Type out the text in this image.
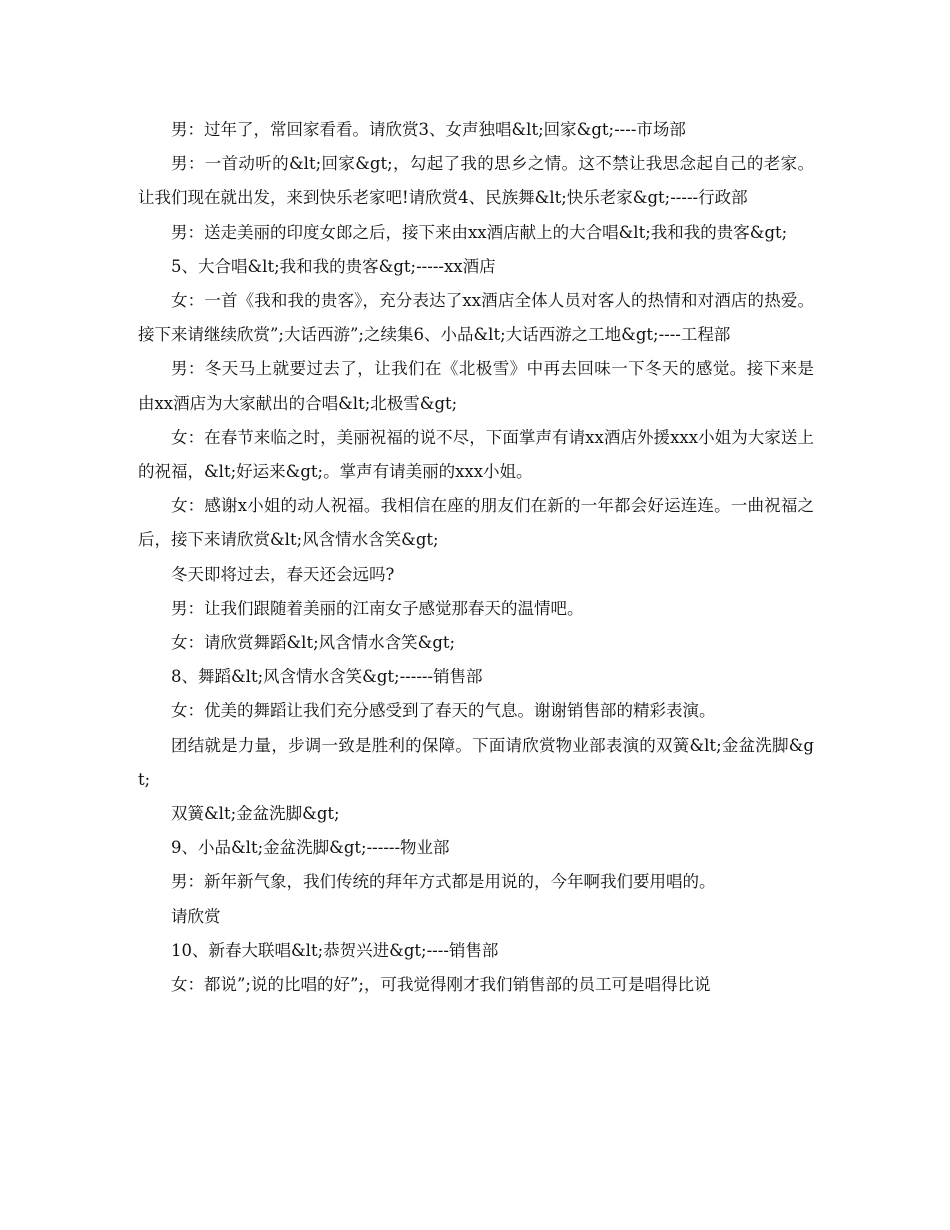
男：过年了，常回家看看。请欣赏3、女声独唱&lt;回家&gt;----市场部

男：一首动听的&lt;回家&gt;，勾起了我的思乡之情。这不禁让我思念起自己的老家。让我们现在就出发，来到快乐老家吧!请欣赏4、民族舞&lt;快乐老家&gt;-----行政部

男：送走美丽的印度女郎之后，接下来由xx酒店献上的大合唱&lt;我和我的贵客&gt;

5、大合唱&lt;我和我的贵客&gt;-----xx酒店

女：一首《我和我的贵客》，充分表达了xx酒店全体人员对客人的热情和对酒店的热爱。接下来请继续欣赏”;大话西游”;之续集6、小品&lt;大话西游之工地&gt;----工程部

男：冬天马上就要过去了，让我们在《北极雪》中再去回味一下冬天的感觉。接下来是由xx酒店为大家献出的合唱&lt;北极雪&gt;

女：在春节来临之时，美丽祝福的说不尽，下面掌声有请xx酒店外援xxx小姐为大家送上的祝福，&lt;好运来&gt;。掌声有请美丽的xxx小姐。

女：感谢x小姐的动人祝福。我相信在座的朋友们在新的一年都会好运连连。一曲祝福之后，接下来请欣赏&lt;风含情水含笑&gt;

冬天即将过去，春天还会远吗?

男：让我们跟随着美丽的江南女子感觉那春天的温情吧。

女：请欣赏舞蹈&lt;风含情水含笑&gt;

8、舞蹈&lt;风含情水含笑&gt;------销售部

女：优美的舞蹈让我们充分感受到了春天的气息。谢谢销售部的精彩表演。

团结就是力量，步调一致是胜利的保障。下面请欣赏物业部表演的双簧&lt;金盆洗脚&gt;

双簧&lt;金盆洗脚&gt;

9、小品&lt;金盆洗脚&gt;------物业部

男：新年新气象，我们传统的拜年方式都是用说的，今年啊我们要用唱的。

请欣赏

10、新春大联唱&lt;恭贺兴进&gt;----销售部

女：都说”;说的比唱的好”;，可我觉得刚才我们销售部的员工可是唱得比说
